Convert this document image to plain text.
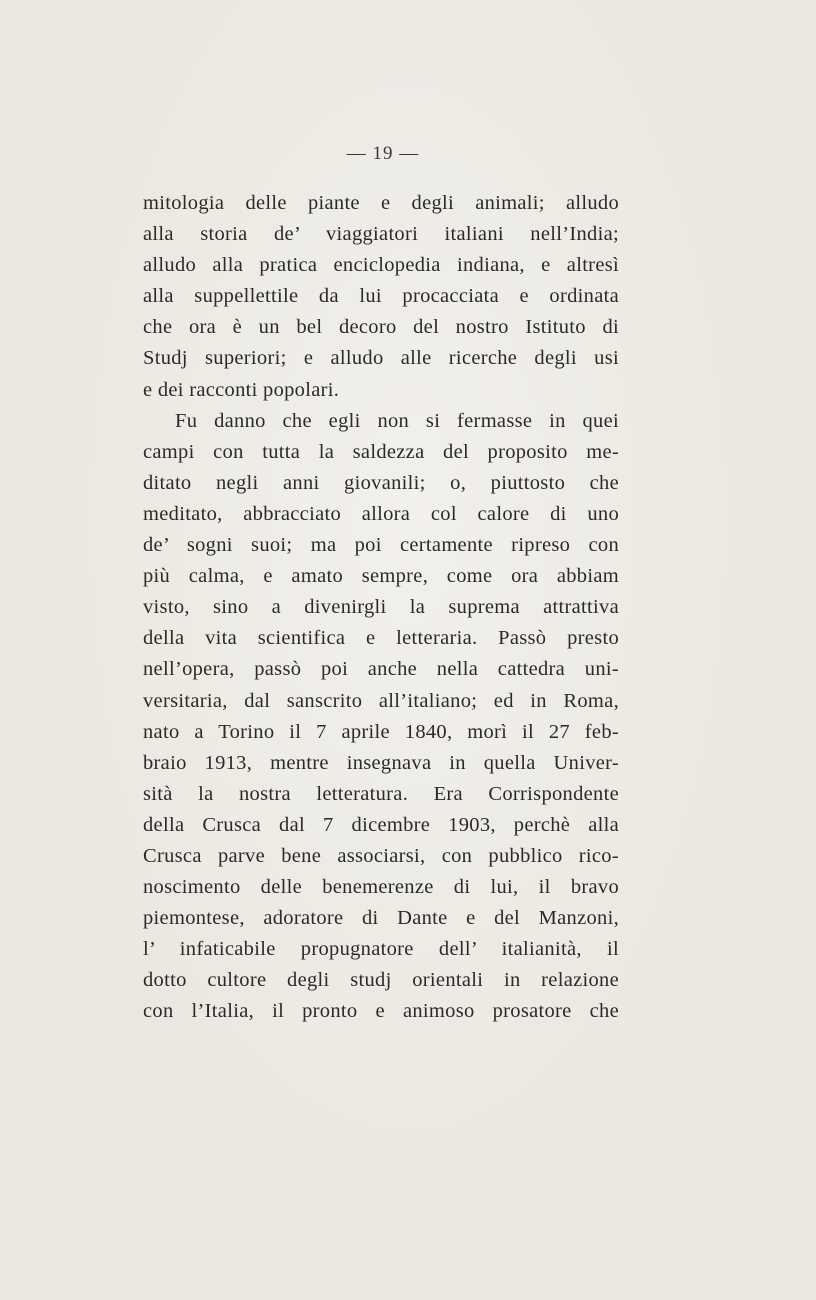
— 19 —
mitologia delle piante e degli animali; alludo
alla storia de’ viaggiatori italiani nell’India;
alludo alla pratica enciclopedia indiana, e altresì
alla suppellettile da lui procacciata e ordinata
che ora è un bel decoro del nostro Istituto di
Studj superiori; e alludo alle ricerche degli usi
e dei racconti popolari.
Fu danno che egli non si fermasse in quei
campi con tutta la saldezza del proposito me-
ditato negli anni giovanili; o, piuttosto che
meditato, abbracciato allora col calore di uno
de’ sogni suoi; ma poi certamente ripreso con
più calma, e amato sempre, come ora abbiam
visto, sino a divenirgli la suprema attrattiva
della vita scientifica e letteraria. Passò presto
nell’opera, passò poi anche nella cattedra uni-
versitaria, dal sanscrito all’italiano; ed in Roma,
nato a Torino il 7 aprile 1840, morì il 27 feb-
braio 1913, mentre insegnava in quella Univer-
sità la nostra letteratura. Era Corrispondente
della Crusca dal 7 dicembre 1903, perchè alla
Crusca parve bene associarsi, con pubblico rico-
noscimento delle benemerenze di lui, il bravo
piemontese, adoratore di Dante e del Manzoni,
l’ infaticabile propugnatore dell’ italianità, il
dotto cultore degli studj orientali in relazione
con l’Italia, il pronto e animoso prosatore che
